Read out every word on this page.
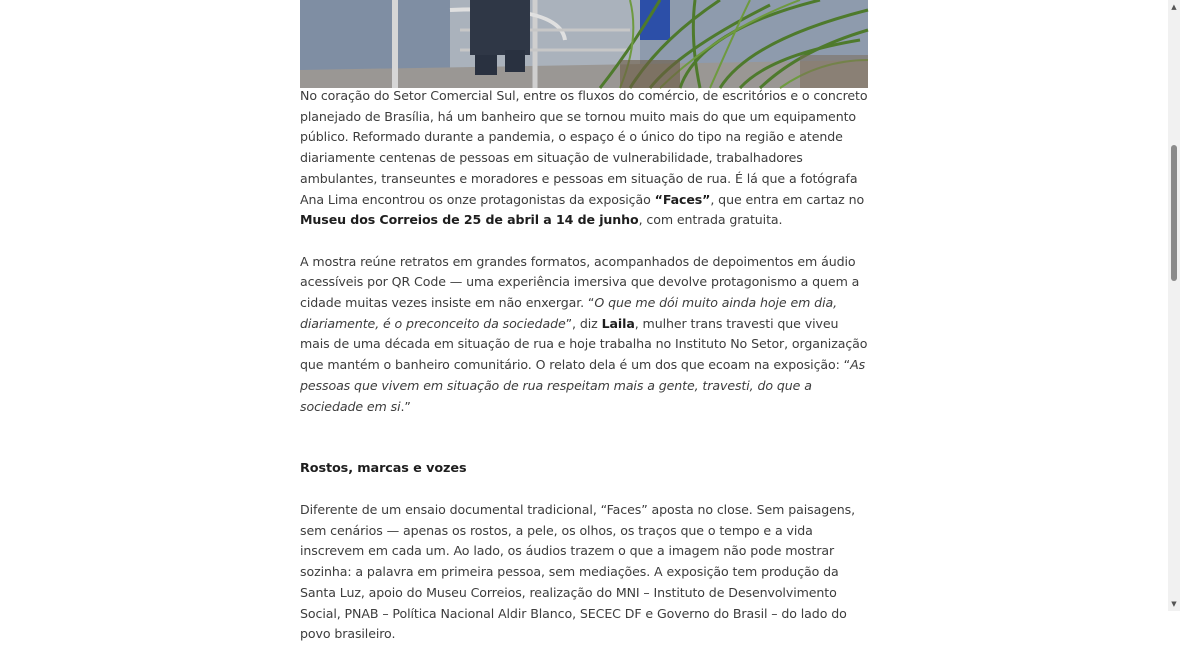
No coração do Setor Comercial Sul, entre os fluxos do comércio, de escritórios e o concreto planejado de Brasília, há um banheiro que se tornou muito mais do que um equipamento público. Reformado durante a pandemia, o espaço é o único do tipo na região e atende diariamente centenas de pessoas em situação de vulnerabilidade, trabalhadores ambulantes, transeuntes e moradores e pessoas em situação de rua. É lá que a fotógrafa Ana Lima encontrou os onze protagonistas da exposição “Faces”, que entra em cartaz no Museu dos Correios de 25 de abril a 14 de junho, com entrada gratuita.

A mostra reúne retratos em grandes formatos, acompanhados de depoimentos em áudio acessíveis por QR Code — uma experiência imersiva que devolve protagonismo a quem a cidade muitas vezes insiste em não enxergar. “O que me dói muito ainda hoje em dia, diariamente, é o preconceito da sociedade”, diz Laila, mulher trans travesti que viveu mais de uma década em situação de rua e hoje trabalha no Instituto No Setor, organização que mantém o banheiro comunitário. O relato dela é um dos que ecoam na exposição: “As pessoas que vivem em situação de rua respeitam mais a gente, travesti, do que a sociedade em si.”

Rostos, marcas e vozes

Diferente de um ensaio documental tradicional, “Faces” aposta no close. Sem paisagens, sem cenários — apenas os rostos, a pele, os olhos, os traços que o tempo e a vida inscrevem em cada um. Ao lado, os áudios trazem o que a imagem não pode mostrar sozinha: a palavra em primeira pessoa, sem mediações. A exposição tem produção da Santa Luz, apoio do Museu Correios, realização do MNI – Instituto de Desenvolvimento Social, PNAB – Política Nacional Aldir Blanco, SECEC DF e Governo do Brasil – do lado do povo brasileiro.

▲
▼
